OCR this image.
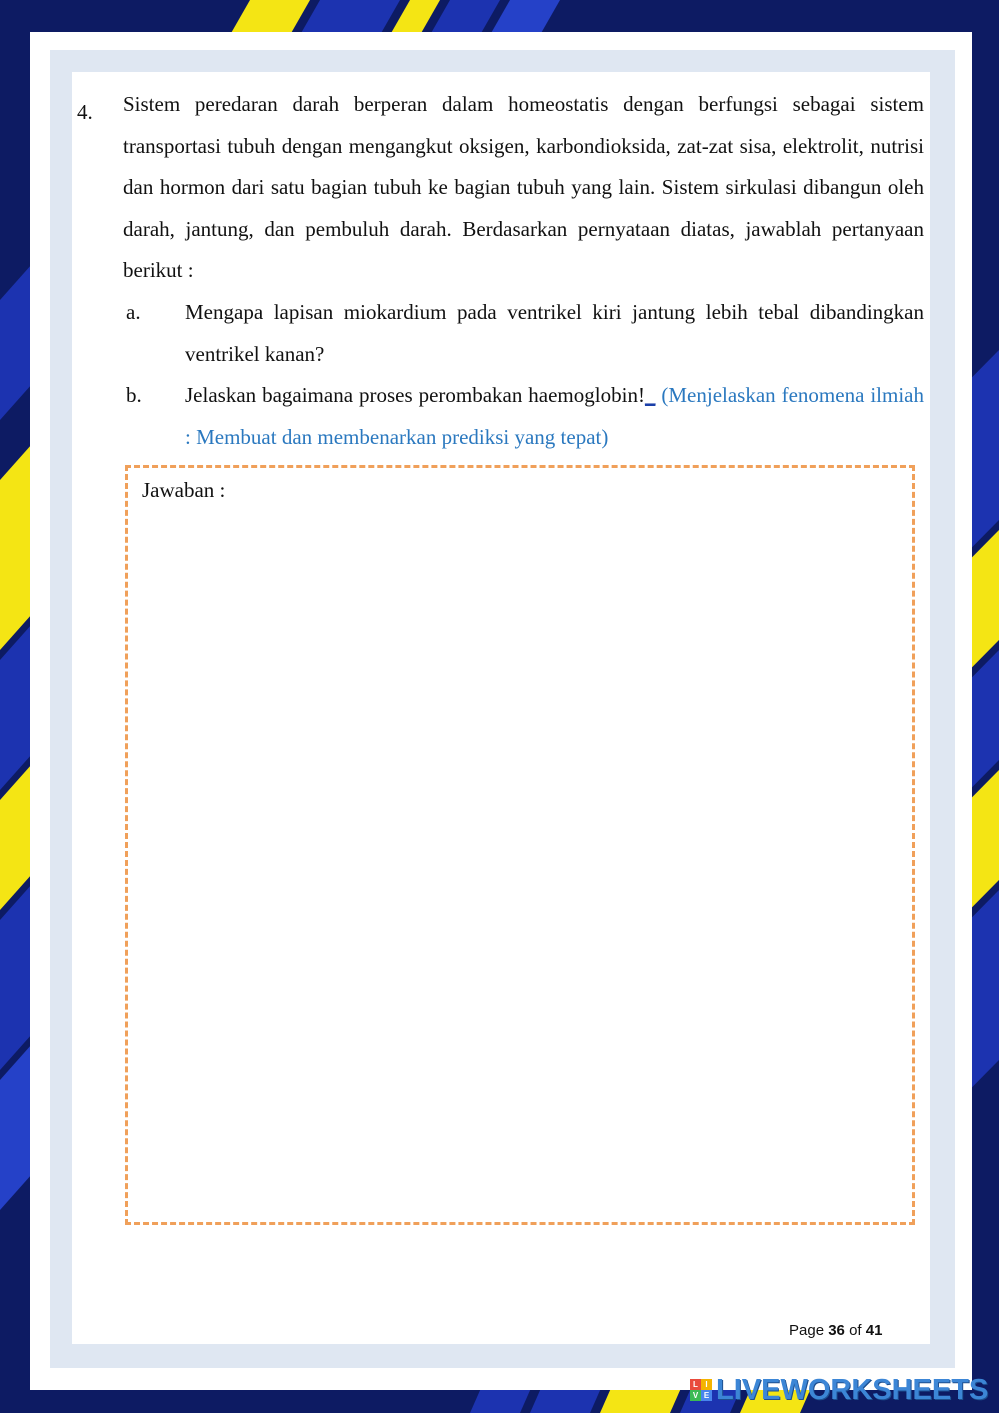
4. Sistem peredaran darah berperan dalam homeostatis dengan berfungsi sebagai sistem transportasi tubuh dengan mengangkut oksigen, karbondioksida, zat-zat sisa, elektrolit, nutrisi dan hormon dari satu bagian tubuh ke bagian tubuh yang lain. Sistem sirkulasi dibangun oleh darah, jantung, dan pembuluh darah. Berdasarkan pernyataan diatas, jawablah pertanyaan berikut :
a. Mengapa lapisan miokardium pada ventrikel kiri jantung lebih tebal dibandingkan ventrikel kanan?
b. Jelaskan bagaimana proses perombakan haemoglobin!_ (Menjelaskan fenomena ilmiah : Membuat dan membenarkan prediksi yang tepat)
Jawaban :
Page 36 of 41
L I
V E LIVEWORKSHEETS
